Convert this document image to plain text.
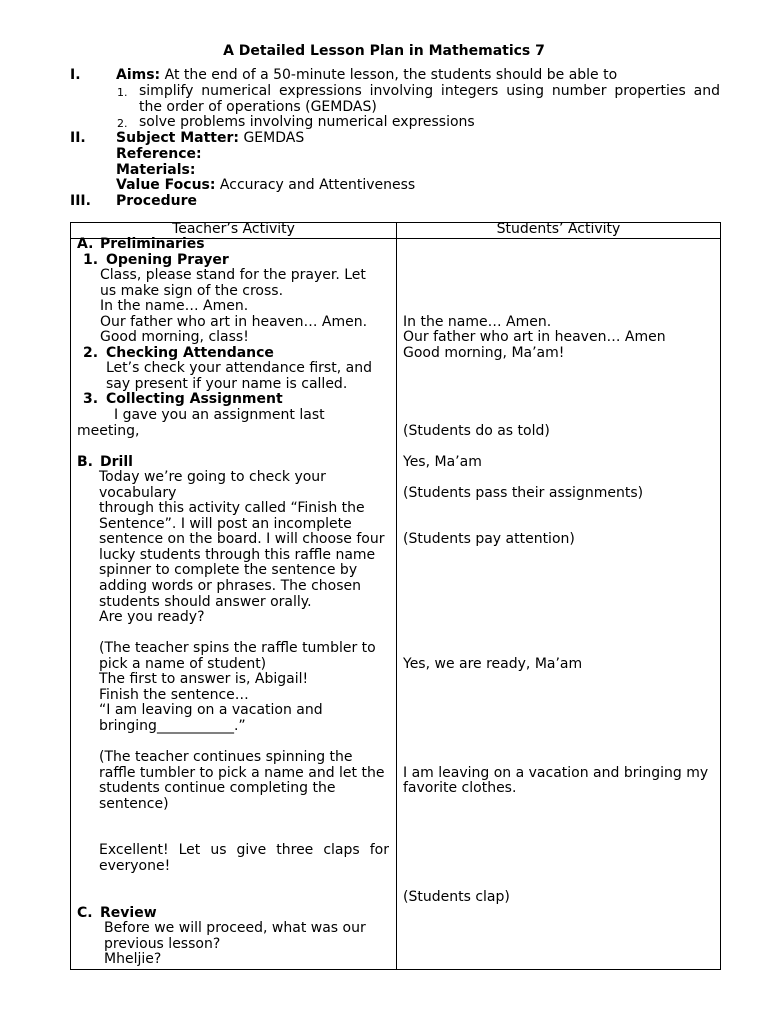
A Detailed Lesson Plan in Mathematics 7
I.	Aims: At the end of a 50-minute lesson, the students should be able to
1. simplify numerical expressions involving integers using number properties and
the order of operations (GEMDAS)
2. solve problems involving numerical expressions
II. Subject Matter: GEMDAS
Reference:
Materials:
Value Focus: Accuracy and Attentiveness
III. Procedure
Teacher’s Activity	Students’ Activity
A. Preliminaries
1. Opening Prayer
Class, please stand for the prayer. Let
us make sign of the cross.
In the name… Amen.
Our father who art in heaven… Amen.
Good morning, class!
2. Checking Attendance
Let’s check your attendance first, and
say present if your name is called.
3. Collecting Assignment
I gave you an assignment last
meeting,
B. Drill
Today we’re going to check your
vocabulary
through this activity called “Finish the
Sentence”. I will post an incomplete
sentence on the board. I will choose four
lucky students through this raffle name
spinner to complete the sentence by
adding words or phrases. The chosen
students should answer orally.
Are you ready?
(The teacher spins the raffle tumbler to
pick a name of student)
The first to answer is, Abigail!
Finish the sentence…
“I am leaving on a vacation and
bringing___________.”
(The teacher continues spinning the
raffle tumbler to pick a name and let the
students continue completing the
sentence)
Excellent! Let us give three claps for
everyone!
C. Review
Before we will proceed, what was our
previous lesson?
Mheljie?
In the name… Amen.
Our father who art in heaven… Amen
Good morning, Ma’am!
(Students do as told)
Yes, Ma’am
(Students pass their assignments)
(Students pay attention)
Yes, we are ready, Ma’am
I am leaving on a vacation and bringing my
favorite clothes.
(Students clap)
